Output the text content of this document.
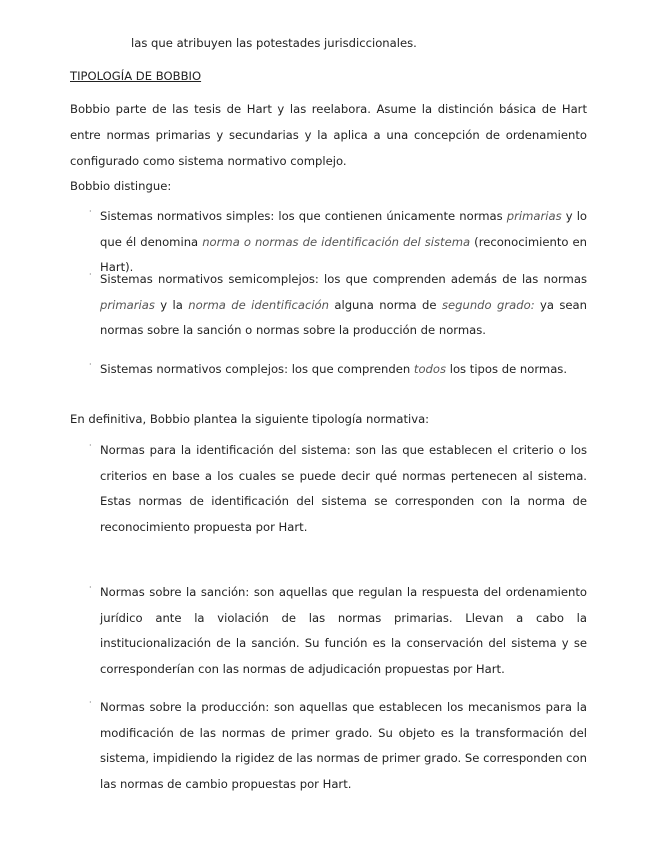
las que atribuyen las potestades jurisdiccionales.
TIPOLOGÍA DE BOBBIO
Bobbio parte de las tesis de Hart y las reelabora. Asume la distinción básica de Hart entre normas primarias y secundarias y la aplica a una concepción de ordenamiento configurado como sistema normativo complejo.
Bobbio distingue:
· Sistemas normativos simples: los que contienen únicamente normas primarias y lo que él denomina norma o normas de identificación del sistema (reconocimiento en Hart).
· Sistemas normativos semicomplejos: los que comprenden además de las normas primarias y la norma de identificación alguna norma de segundo grado: ya sean normas sobre la sanción o normas sobre la producción de normas.
· Sistemas normativos complejos: los que comprenden todos los tipos de normas.
En definitiva, Bobbio plantea la siguiente tipología normativa:
· Normas para la identificación del sistema: son las que establecen el criterio o los criterios en base a los cuales se puede decir qué normas pertenecen al sistema. Estas normas de identificación del sistema se corresponden con la norma de reconocimiento propuesta por Hart.
· Normas sobre la sanción: son aquellas que regulan la respuesta del ordenamiento jurídico ante la violación de las normas primarias. Llevan a cabo la institucionalización de la sanción. Su función es la conservación del sistema y se corresponderían con las normas de adjudicación propuestas por Hart.
· Normas sobre la producción: son aquellas que establecen los mecanismos para la modificación de las normas de primer grado. Su objeto es la transformación del sistema, impidiendo la rigidez de las normas de primer grado. Se corresponden con las normas de cambio propuestas por Hart.
